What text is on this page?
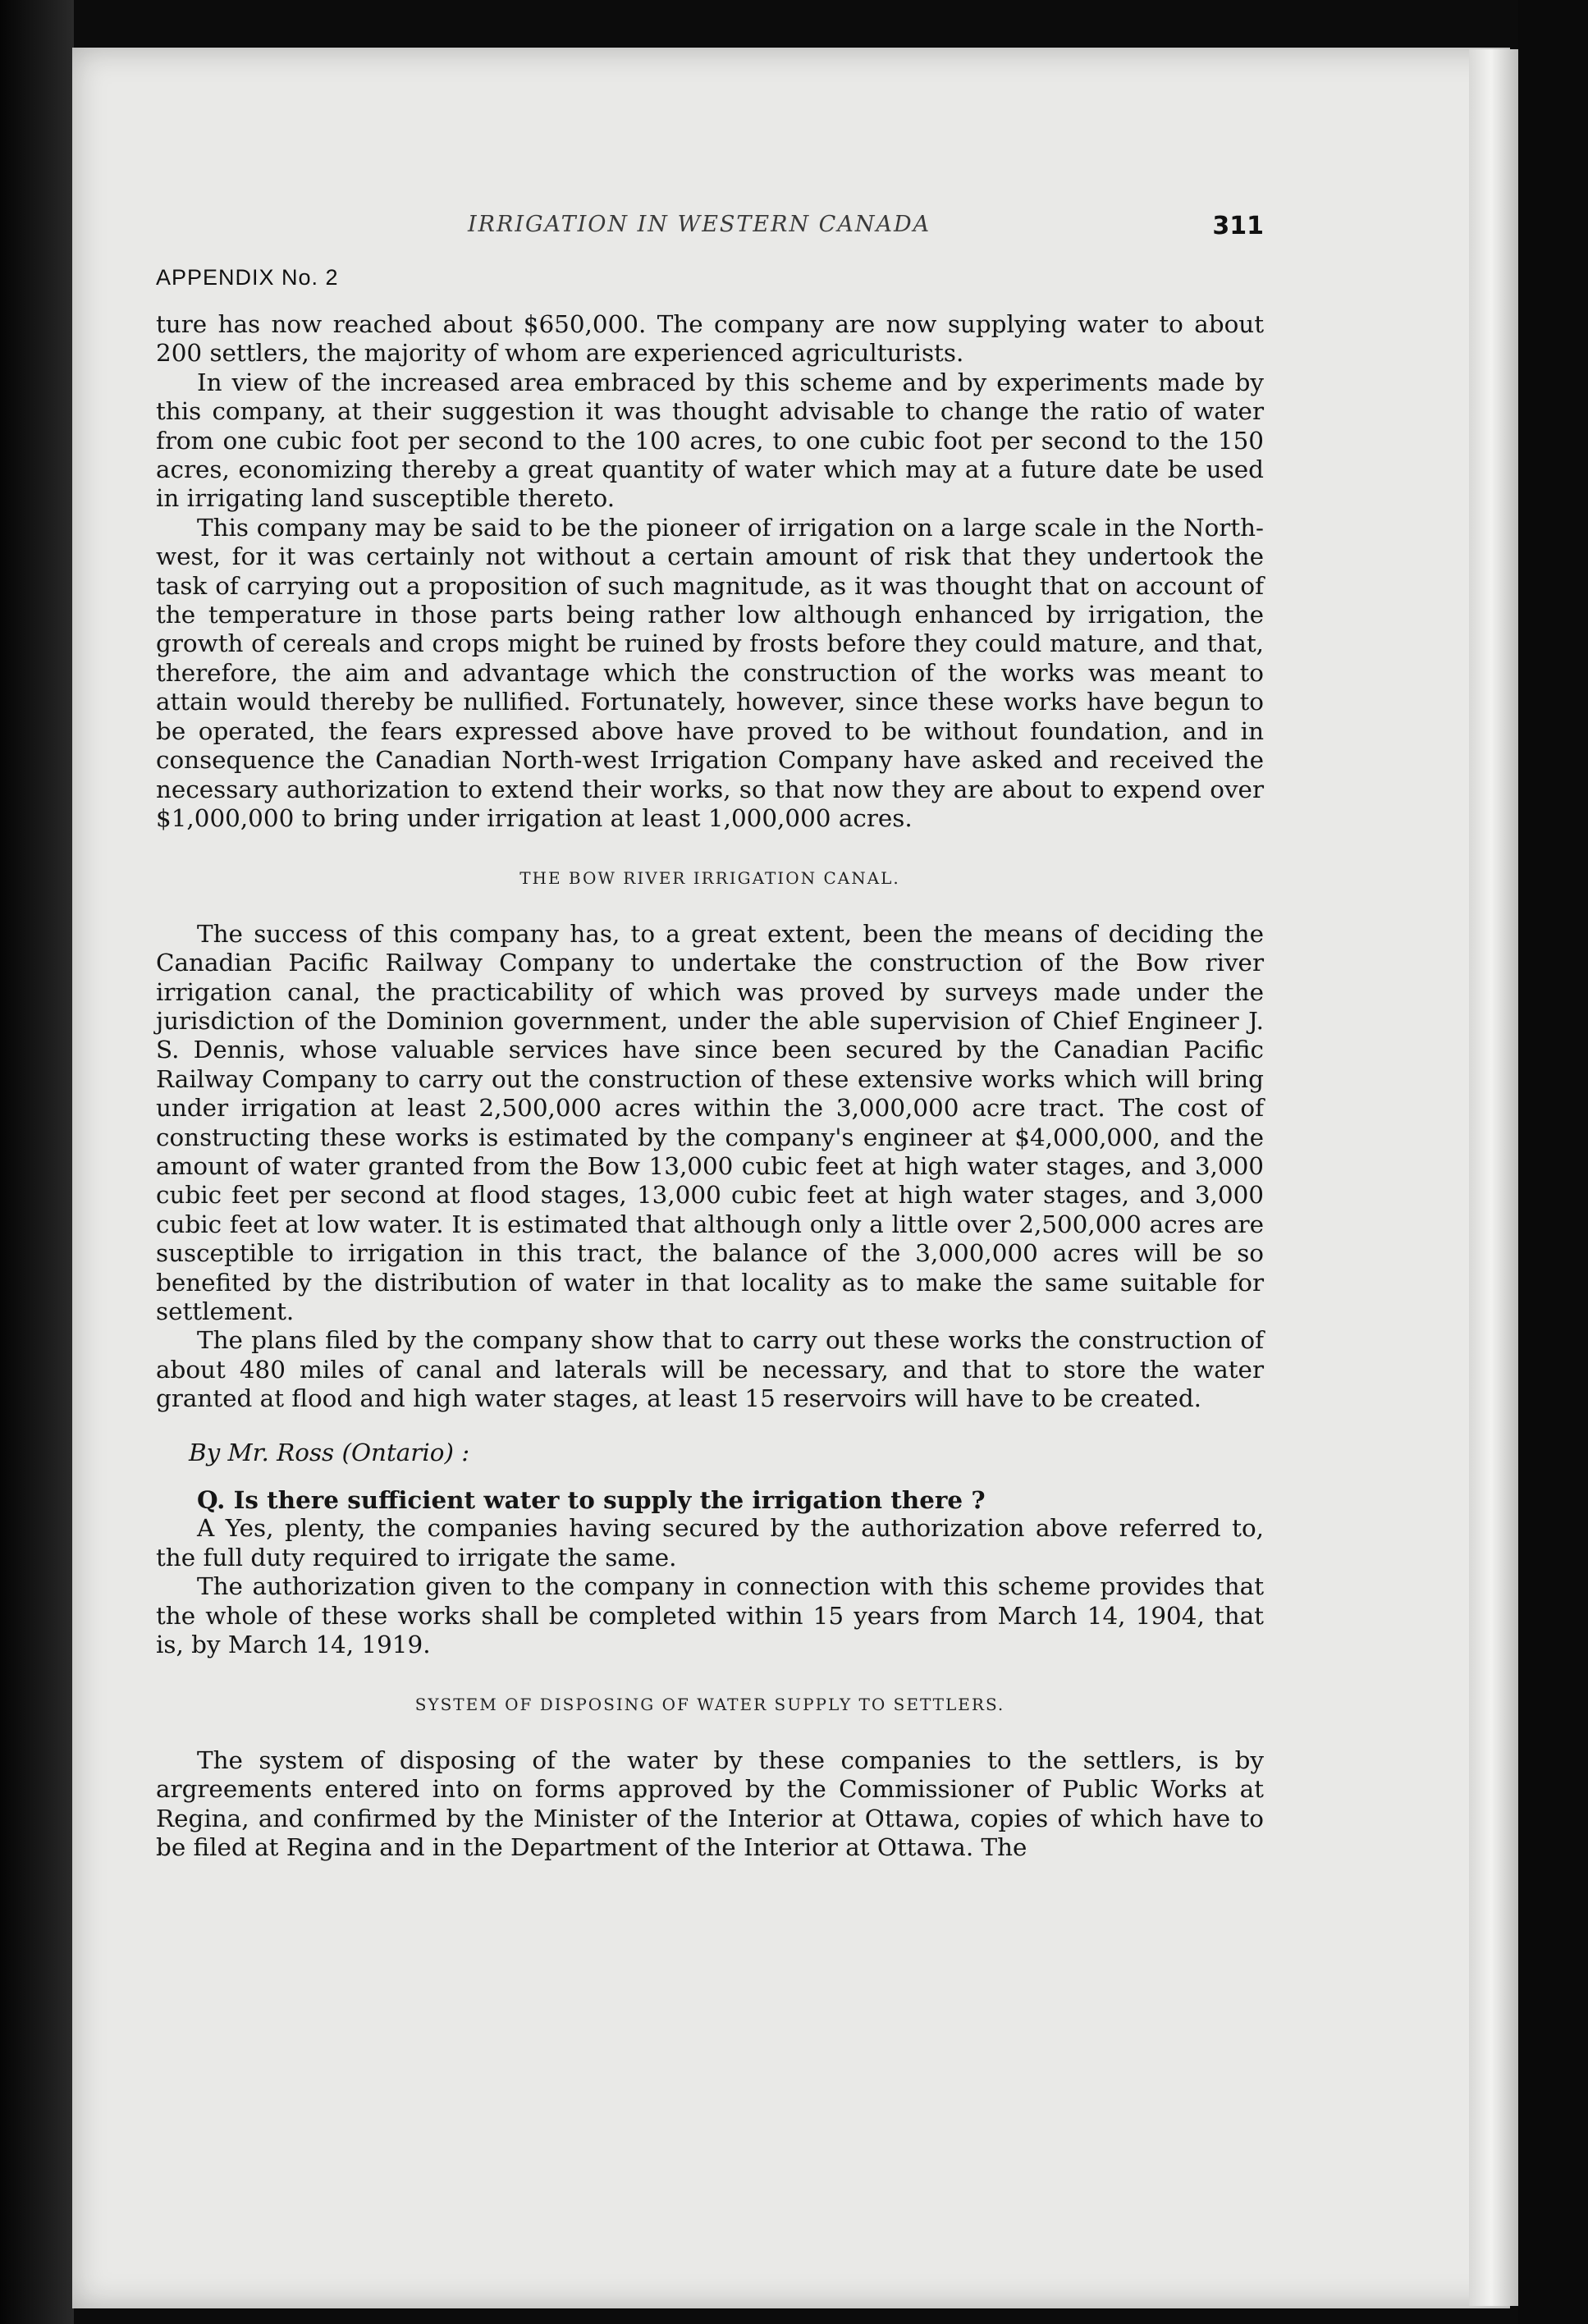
IRRIGATION IN WESTERN CANADA	311
APPENDIX No. 2

ture has now reached about $650,000. The company are now supplying water to about 200 settlers, the majority of whom are experienced agriculturists.

In view of the increased area embraced by this scheme and by experiments made by this company, at their suggestion it was thought advisable to change the ratio of water from one cubic foot per second to the 100 acres, to one cubic foot per second to the 150 acres, economizing thereby a great quantity of water which may at a future date be used in irrigating land susceptible thereto.

This company may be said to be the pioneer of irrigation on a large scale in the North-west, for it was certainly not without a certain amount of risk that they undertook the task of carrying out a proposition of such magnitude, as it was thought that on account of the temperature in those parts being rather low although enhanced by irrigation, the growth of cereals and crops might be ruined by frosts before they could mature, and that, therefore, the aim and advantage which the construction of the works was meant to attain would thereby be nullified. Fortunately, however, since these works have begun to be operated, the fears expressed above have proved to be without foundation, and in consequence the Canadian North-west Irrigation Company have asked and received the necessary authorization to extend their works, so that now they are about to expend over $1,000,000 to bring under irrigation at least 1,000,000 acres.

THE BOW RIVER IRRIGATION CANAL.

The success of this company has, to a great extent, been the means of deciding the Canadian Pacific Railway Company to undertake the construction of the Bow river irrigation canal, the practicability of which was proved by surveys made under the jurisdiction of the Dominion government, under the able supervision of Chief Engineer J. S. Dennis, whose valuable services have since been secured by the Canadian Pacific Railway Company to carry out the construction of these extensive works which will bring under irrigation at least 2,500,000 acres within the 3,000,000 acre tract. The cost of constructing these works is estimated by the company's engineer at $4,000,000, and the amount of water granted from the Bow 13,000 cubic feet at high water stages, and 3,000 cubic feet per second at flood stages, 13,000 cubic feet at high water stages, and 3,000 cubic feet at low water. It is estimated that although only a little over 2,500,000 acres are susceptible to irrigation in this tract, the balance of the 3,000,000 acres will be so benefited by the distribution of water in that locality as to make the same suitable for settlement.

The plans filed by the company show that to carry out these works the construction of about 480 miles of canal and laterals will be necessary, and that to store the water granted at flood and high water stages, at least 15 reservoirs will have to be created.

By Mr. Ross (Ontario) :

Q. Is there sufficient water to supply the irrigation there ?

A Yes, plenty, the companies having secured by the authorization above referred to, the full duty required to irrigate the same.

The authorization given to the company in connection with this scheme provides that the whole of these works shall be completed within 15 years from March 14, 1904, that is, by March 14, 1919.

SYSTEM OF DISPOSING OF WATER SUPPLY TO SETTLERS.

The system of disposing of the water by these companies to the settlers, is by argreements entered into on forms approved by the Commissioner of Public Works at Regina, and confirmed by the Minister of the Interior at Ottawa, copies of which have to be filed at Regina and in the Department of the Interior at Ottawa. The
